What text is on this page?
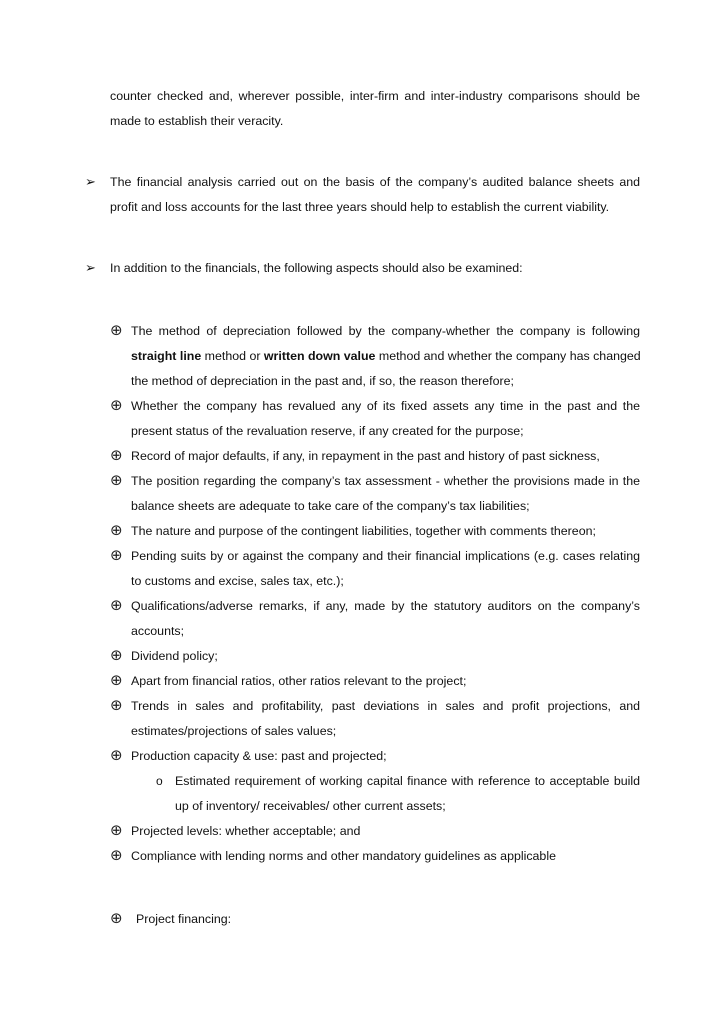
counter checked and, wherever possible, inter-firm and inter-industry comparisons should be
made to establish their veracity.
➢ The financial analysis carried out on the basis of the company’s audited balance sheets and
profit and loss accounts for the last three years should help to establish the current viability.
➢ In addition to the financials, the following aspects should also be examined:
⊕ The method of depreciation followed by the company-whether the company is following
straight line method or written down value method and whether the company has changed
the method of depreciation in the past and, if so, the reason therefore;
⊕ Whether the company has revalued any of its fixed assets any time in the past and the
present status of the revaluation reserve, if any created for the purpose;
⊕ Record of major defaults, if any, in repayment in the past and history of past sickness,
⊕ The position regarding the company’s tax assessment - whether the provisions made in the
balance sheets are adequate to take care of the company’s tax liabilities;
⊕ The nature and purpose of the contingent liabilities, together with comments thereon;
⊕ Pending suits by or against the company and their financial implications (e.g. cases relating
to customs and excise, sales tax, etc.);
⊕ Qualifications/adverse remarks, if any, made by the statutory auditors on the company’s
accounts;
⊕ Dividend policy;
⊕ Apart from financial ratios, other ratios relevant to the project;
⊕ Trends in sales and profitability, past deviations in sales and profit projections, and
estimates/projections of sales values;
⊕ Production capacity & use: past and projected;
o Estimated requirement of working capital finance with reference to acceptable build
up of inventory/ receivables/ other current assets;
⊕ Projected levels: whether acceptable; and
⊕ Compliance with lending norms and other mandatory guidelines as applicable
⊕ Project financing:
